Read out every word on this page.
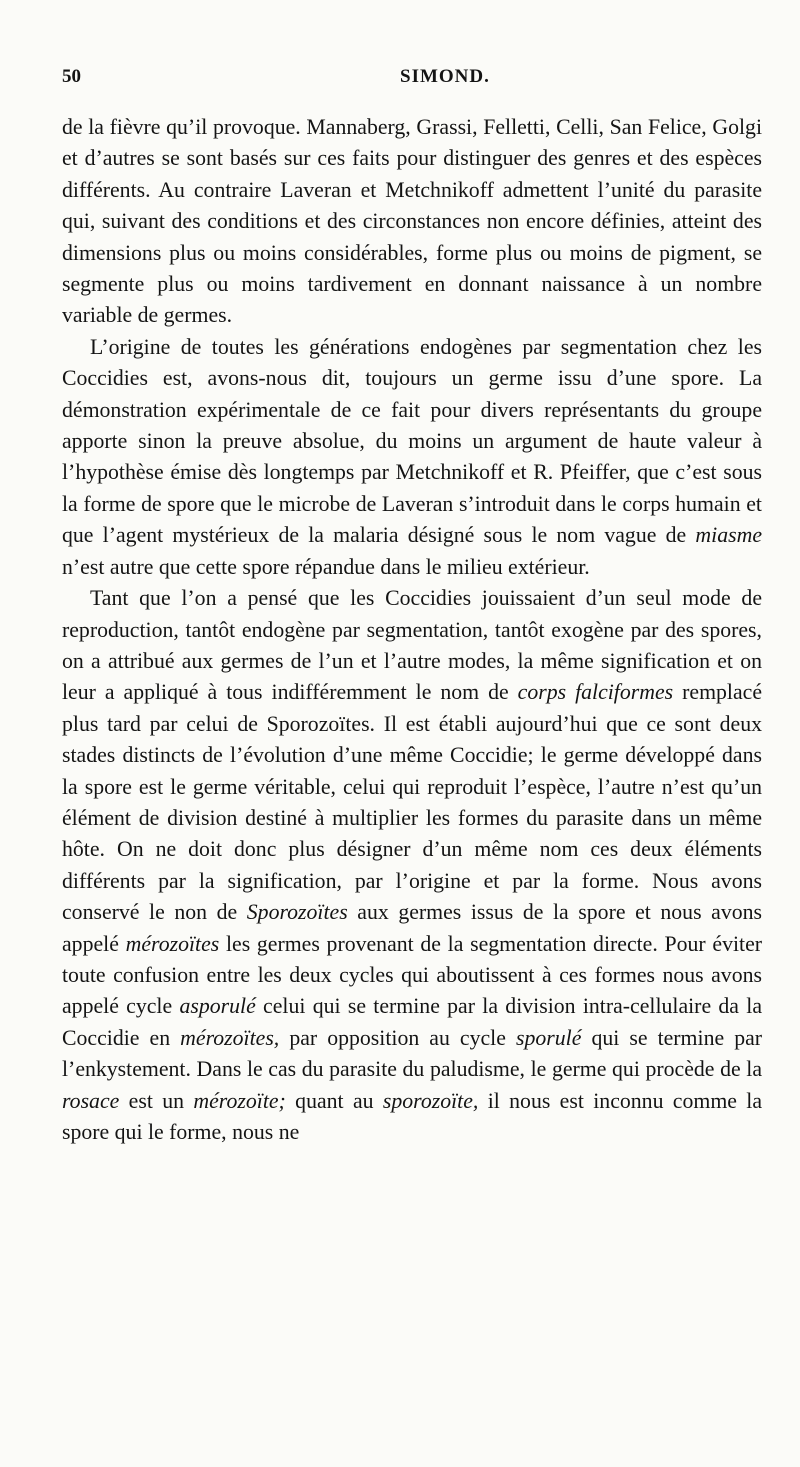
50	SIMOND.

de la fièvre qu’il provoque. Mannaberg, Grassi, Felletti, Celli, San Felice, Golgi et d’autres se sont basés sur ces faits pour distinguer des genres et des espèces différents. Au contraire Laveran et Metchnikoff admettent l’unité du parasite qui, suivant des conditions et des circonstances non encore définies, atteint des dimensions plus ou moins considérables, forme plus ou moins de pigment, se segmente plus ou moins tardivement en donnant naissance à un nombre variable de germes.

L’origine de toutes les générations endogènes par segmentation chez les Coccidies est, avons-nous dit, toujours un germe issu d’une spore. La démonstration expérimentale de ce fait pour divers représentants du groupe apporte sinon la preuve absolue, du moins un argument de haute valeur à l’hypothèse émise dès longtemps par Metchnikoff et R. Pfeiffer, que c’est sous la forme de spore que le microbe de Laveran s’introduit dans le corps humain et que l’agent mystérieux de la malaria désigné sous le nom vague de miasme n’est autre que cette spore répandue dans le milieu extérieur.

Tant que l’on a pensé que les Coccidies jouissaient d’un seul mode de reproduction, tantôt endogène par segmentation, tantôt exogène par des spores, on a attribué aux germes de l’un et l’autre modes, la même signification et on leur a appliqué à tous indifféremment le nom de corps falciformes remplacé plus tard par celui de Sporozoïtes. Il est établi aujourd’hui que ce sont deux stades distincts de l’évolution d’une même Coccidie; le germe développé dans la spore est le germe véritable, celui qui reproduit l’espèce, l’autre n’est qu’un élément de division destiné à multiplier les formes du parasite dans un même hôte. On ne doit donc plus désigner d’un même nom ces deux éléments différents par la signification, par l’origine et par la forme. Nous avons conservé le non de Sporozoïtes aux germes issus de la spore et nous avons appelé mérozoïtes les germes provenant de la segmentation directe. Pour éviter toute confusion entre les deux cycles qui aboutissent à ces formes nous avons appelé cycle asporulé celui qui se termine par la division intra-cellulaire da la Coccidie en mérozoïtes, par opposition au cycle sporulé qui se termine par l’enkystement. Dans le cas du parasite du paludisme, le germe qui procède de la rosace est un mérozoïte; quant au sporozoïte, il nous est inconnu comme la spore qui le forme, nous ne
